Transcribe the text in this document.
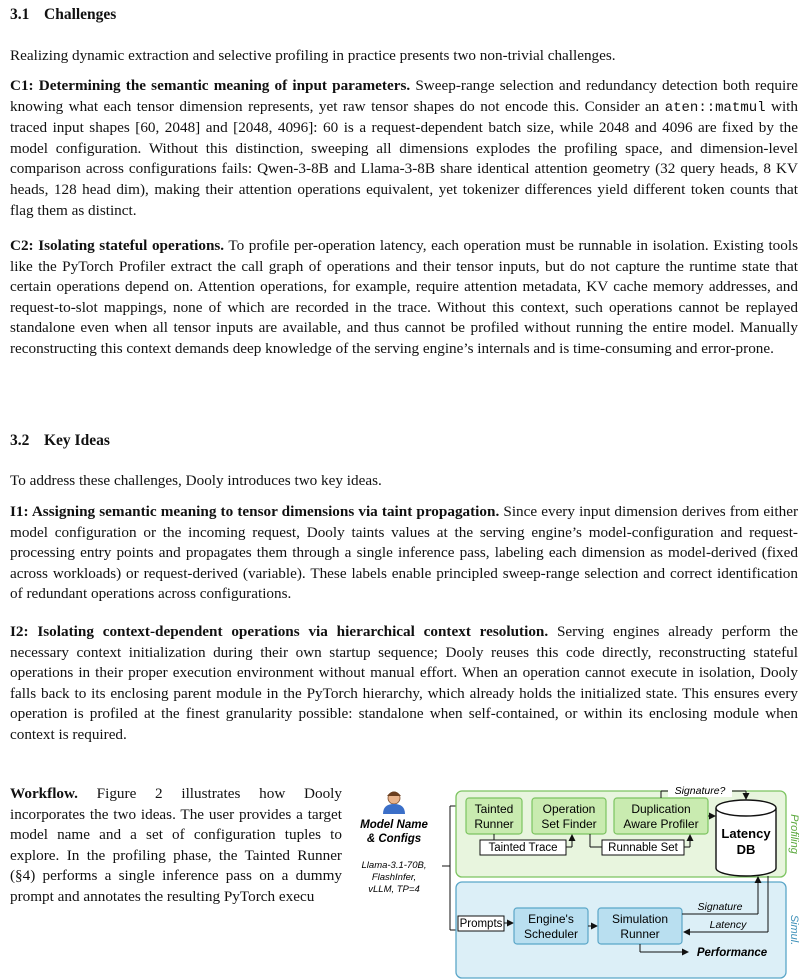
3.1 Challenges
Realizing dynamic extraction and selective profiling in practice presents two non-trivial challenges.
C1: Determining the semantic meaning of input parameters. Sweep-range selection and redundancy detection both require knowing what each tensor dimension represents, yet raw tensor shapes do not encode this. Consider an aten::matmul with traced input shapes [60, 2048] and [2048, 4096]: 60 is a request-dependent batch size, while 2048 and 4096 are fixed by the model configuration. Without this distinction, sweeping all dimensions explodes the profiling space, and dimension-level comparison across configurations fails: Qwen-3-8B and Llama-3-8B share identical attention geometry (32 query heads, 8 KV heads, 128 head dim), making their attention operations equivalent, yet tokenizer differences yield different token counts that flag them as distinct.
C2: Isolating stateful operations. To profile per-operation latency, each operation must be runnable in isolation. Existing tools like the PyTorch Profiler extract the call graph of operations and their tensor inputs, but do not capture the runtime state that certain operations depend on. Attention operations, for example, require attention metadata, KV cache memory addresses, and request-to-slot mappings, none of which are recorded in the trace. Without this context, such operations cannot be replayed standalone even when all tensor inputs are available, and thus cannot be profiled without running the entire model. Manually reconstructing this context demands deep knowledge of the serving engine’s internals and is time-consuming and error-prone.
3.2 Key Ideas
To address these challenges, Dooly introduces two key ideas.
I1: Assigning semantic meaning to tensor dimensions via taint propagation. Since every input dimension derives from either model configuration or the incoming request, Dooly taints values at the serving engine’s model-configuration and request-processing entry points and propagates them through a single inference pass, labeling each dimension as model-derived (fixed across workloads) or request-derived (variable). These labels enable principled sweep-range selection and correct identification of redundant operations across configurations.
I2: Isolating context-dependent operations via hierarchical context resolution. Serving engines already perform the necessary context initialization during their own startup sequence; Dooly reuses this code directly, reconstructing stateful operations in their proper execution environment without manual effort. When an operation cannot execute in isolation, Dooly falls back to its enclosing parent module in the PyTorch hierarchy, which already holds the initialized state. This ensures every operation is profiled at the finest granularity possible: standalone when self-contained, or within its enclosing module when context is required.
Workflow. Figure 2 illustrates how Dooly incorporates the two ideas. The user provides a target model name and a set of configuration tuples to explore. In the profiling phase, the Tainted Runner (§4) performs a single inference pass on a dummy prompt and annotates the resulting PyTorch execu
Model Name
& Configs
Llama-3.1-70B,
FlashInfer,
vLLM, TP=4
Profiling
Simul.
Tainted
Runner
Operation
Set Finder
Duplication
Aware Profiler
Latency
DB
Signature?
Tainted Trace	Runnable Set
Prompts Engine's
Scheduler
Simulation
Runner
Signature
Latency
Performance
